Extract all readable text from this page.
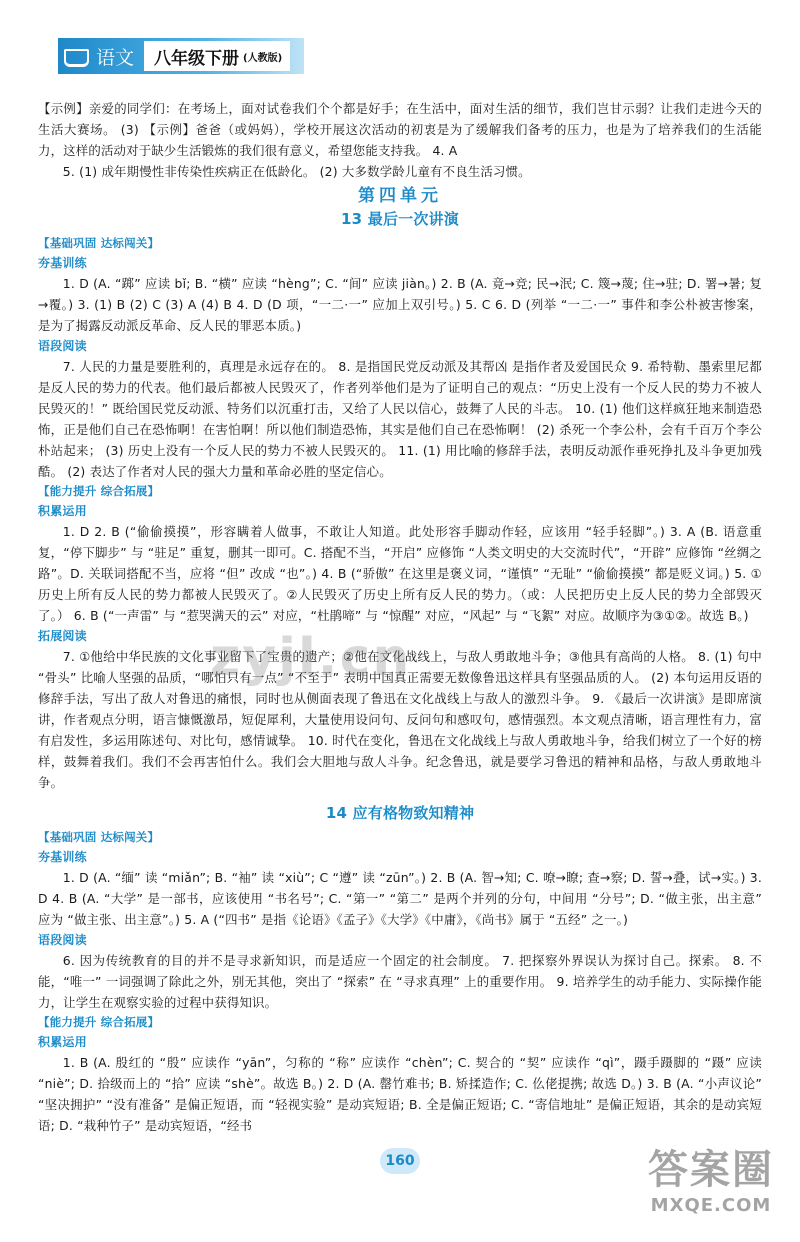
语文 八年级下册 (人教版)

【示例】亲爱的同学们：在考场上，面对试卷我们个个都是好手；在生活中，面对生活的细节，我们岂甘示弱？让我们走进今天的生活大赛场。 (3) 【示例】爸爸（或妈妈），学校开展这次活动的初衷是为了缓解我们备考的压力，也是为了培养我们的生活能力，这样的活动对于缺少生活锻炼的我们很有意义，希望您能支持我。 4. A

5. (1) 成年期慢性非传染性疾病正在低龄化。 (2) 大多数学龄儿童有不良生活习惯。

第四单元
13 最后一次讲演
【基础巩固 达标闯关】
夯基训练

1. D (A. “踯” 应读 bǐ; B. “横” 应读 “hèng”; C. “间” 应读 jiàn。) 2. B (A. 竟→竞; 民→泯; C. 篾→蔑; 住→驻; D. 署→暑; 复→覆。) 3. (1) B (2) C (3) A (4) B 4. D (D 项，“一二·一” 应加上双引号。) 5. C 6. D (列举 “一二·一” 事件和李公朴被害惨案，是为了揭露反动派反革命、反人民的罪恶本质。)

语段阅读

7. 人民的力量是要胜利的，真理是永远存在的。 8. 是指国民党反动派及其帮凶 是指作者及爱国民众 9. 希特勒、墨索里尼都是反人民的势力的代表。他们最后都被人民毁灭了，作者列举他们是为了证明自己的观点：“历史上没有一个反人民的势力不被人民毁灭的！” 既给国民党反动派、特务们以沉重打击，又给了人民以信心，鼓舞了人民的斗志。 10. (1) 他们这样疯狂地来制造恐怖，正是他们自己在恐怖啊！在害怕啊！所以他们制造恐怖，其实是他们自己在恐怖啊！ (2) 杀死一个李公朴，会有千百万个李公朴站起来； (3) 历史上没有一个反人民的势力不被人民毁灭的。 11. (1) 用比喻的修辞手法，表明反动派作垂死挣扎及斗争更加残酷。 (2) 表达了作者对人民的强大力量和革命必胜的坚定信心。

【能力提升 综合拓展】
积累运用

1. D 2. B (“偷偷摸摸”，形容瞒着人做事，不敢让人知道。此处形容手脚动作轻，应该用 “轻手轻脚”。) 3. A (B. 语意重复，“停下脚步” 与 “驻足” 重复，删其一即可。C. 搭配不当，“开启” 应修饰 “人类文明史的大交流时代”，“开辟” 应修饰 “丝绸之路”。D. 关联词搭配不当，应将 “但” 改成 “也”。) 4. B (“骄傲” 在这里是褒义词，“谨慎” “无耻” “偷偷摸摸” 都是贬义词。) 5. ①历史上所有反人民的势力都被人民毁灭了。②人民毁灭了历史上所有反人民的势力。（或：人民把历史上反人民的势力全部毁灭了。） 6. B (“一声雷” 与 “惹哭满天的云” 对应，“杜鹃啼” 与 “惊醒” 对应，“风起” 与 “飞絮” 对应。故顺序为③①②。故选 B。)

拓展阅读

7. ①他给中华民族的文化事业留下了宝贵的遗产；②他在文化战线上，与敌人勇敢地斗争；③他具有高尚的人格。 8. (1) 句中 “骨头” 比喻人坚强的品质，“哪怕只有一点” “不至于” 表明中国真正需要无数像鲁迅这样具有坚强品质的人。 (2) 本句运用反语的修辞手法，写出了敌人对鲁迅的痛恨，同时也从侧面表现了鲁迅在文化战线上与敌人的激烈斗争。 9. 《最后一次讲演》是即席演讲，作者观点分明，语言慷慨激昂，短促犀利，大量使用设问句、反问句和感叹句，感情强烈。本文观点清晰，语言理性有力，富有启发性，多运用陈述句、对比句，感情诚挚。 10. 时代在变化，鲁迅在文化战线上与敌人勇敢地斗争，给我们树立了一个好的榜样，鼓舞着我们。我们不会再害怕什么。我们会大胆地与敌人斗争。纪念鲁迅，就是要学习鲁迅的精神和品格，与敌人勇敢地斗争。

14 应有格物致知精神
【基础巩固 达标闯关】
夯基训练

1. D (A. “缅” 读 “miǎn”; B. “袖” 读 “xiù”; C “遵” 读 “zūn”。) 2. B (A. 智→知; C. 嘹→瞭; 查→察; D. 誓→叠，试→实。) 3. D 4. B (A. “大学” 是一部书，应该使用 “书名号”; C. “第一” “第二” 是两个并列的分句，中间用 “分号”; D. “做主张，出主意” 应为 “做主张、出主意”。) 5. A (“四书” 是指《论语》《孟子》《大学》《中庸》，《尚书》属于 “五经” 之一。)

语段阅读

6. 因为传统教育的目的并不是寻求新知识，而是适应一个固定的社会制度。 7. 把探察外界误认为探讨自己。探索。 8. 不能，“唯一” 一词强调了除此之外，别无其他，突出了 “探索” 在 “寻求真理” 上的重要作用。 9. 培养学生的动手能力、实际操作能力，让学生在观察实验的过程中获得知识。

【能力提升 综合拓展】
积累运用

1. B (A. 殷红的 “殷” 应读作 “yān”，匀称的 “称” 应读作 “chèn”; C. 契合的 “契” 应读作 “qì”，蹑手蹑脚的 “蹑” 应读 “niè”; D. 拾级而上的 “拾” 应读 “shè”。故选 B。) 2. D (A. 罄竹难书; B. 矫揉造作; C. 仫佬提携; 故选 D。) 3. B (A. “小声议论” “坚决拥护” “没有准备” 是偏正短语，而 “轻视实验” 是动宾短语; B. 全是偏正短语; C. “寄信地址” 是偏正短语，其余的是动宾短语; D. “栽种竹子” 是动宾短语，“经书

zyjl.cn
160	答案圈
MXQE.COM
